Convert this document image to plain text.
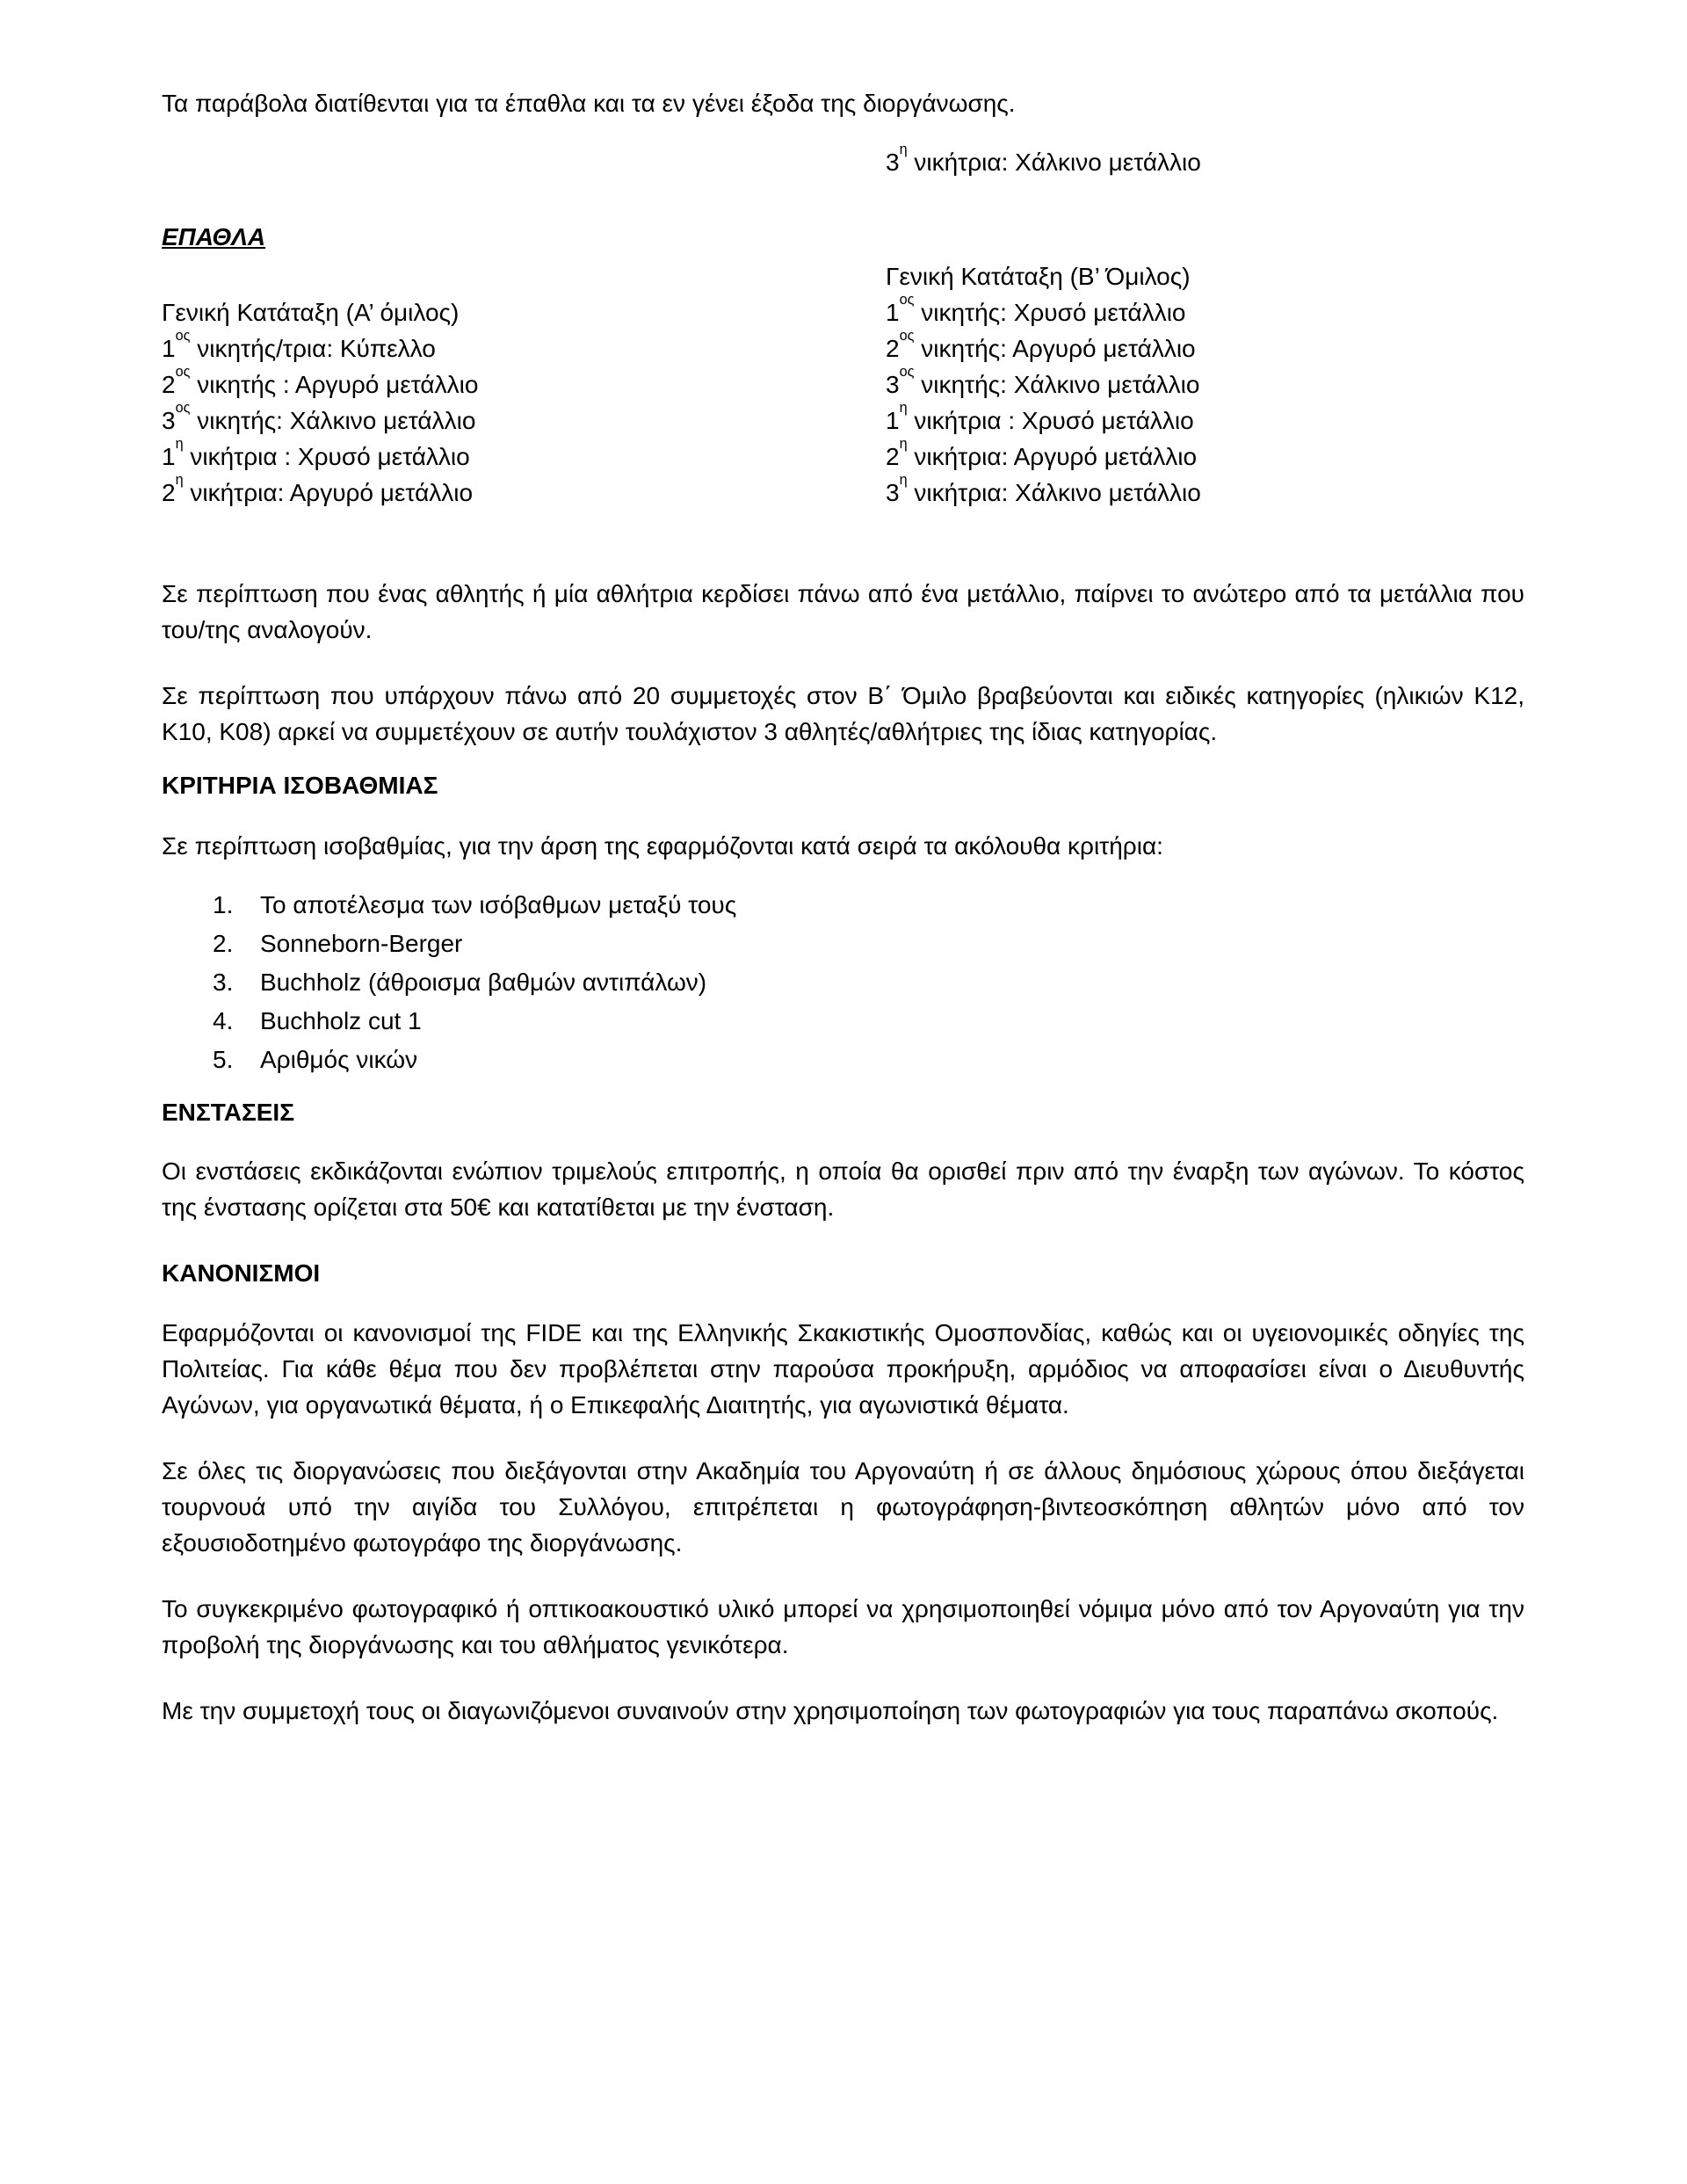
Τα παράβολα διατίθενται για τα έπαθλα και τα εν γένει έξοδα της διοργάνωσης.

$3^\eta$ νικήτρια: Χάλκινο μετάλλιο
ΕΠΑΘΛΑ
Γενική Κατάταξη (Α’ όμιλος)
$1^{o\varsigma}$ νικητής/τρια: Κύπελλο
$2^{o\varsigma}$ νικητής : Αργυρό μετάλλιο
$3^{o\varsigma}$ νικητής: Χάλκινο μετάλλιο
$1^\eta$ νικήτρια : Χρυσό μετάλλιο
$2^\eta$ νικήτρια: Αργυρό μετάλλιο
Γενική Κατάταξη (Β’ Όμιλος)
$1^{o\varsigma}$ νικητής: Χρυσό μετάλλιο
$2^{o\varsigma}$ νικητής: Αργυρό μετάλλιο
$3^{o\varsigma}$ νικητής: Χάλκινο μετάλλιο
$1^\eta$ νικήτρια : Χρυσό μετάλλιο
$2^\eta$ νικήτρια: Αργυρό μετάλλιο
$3^\eta$ νικήτρια: Χάλκινο μετάλλιο

Σε περίπτωση που ένας αθλητής ή μία αθλήτρια κερδίσει πάνω από ένα μετάλλιο, παίρνει το ανώτερο από τα μετάλλια που του/της αναλογούν.

Σε περίπτωση που υπάρχουν πάνω από 20 συμμετοχές στον Β΄ Όμιλο βραβεύονται και ειδικές κατηγορίες (ηλικιών Κ12, Κ10, Κ08) αρκεί να συμμετέχουν σε αυτήν τουλάχιστον 3 αθλητές/αθλήτριες της ίδιας κατηγορίας.

ΚΡΙΤΗΡΙΑ ΙΣΟΒΑΘΜΙΑΣ

Σε περίπτωση ισοβαθμίας, για την άρση της εφαρμόζονται κατά σειρά τα ακόλουθα κριτήρια:

1. Το αποτέλεσμα των ισόβαθμων μεταξύ τους
2. Sonneborn-Berger
3. Buchholz (άθροισμα βαθμών αντιπάλων)
4. Buchholz cut 1
5. Αριθμός νικών
ΕΝΣΤΑΣΕΙΣ

Οι ενστάσεις εκδικάζονται ενώπιον τριμελούς επιτροπής, η οποία θα ορισθεί πριν από την έναρξη των αγώνων. Το κόστος της ένστασης ορίζεται στα 50€ και κατατίθεται με την ένσταση.

ΚΑΝΟΝΙΣΜΟΙ

Εφαρμόζονται οι κανονισμοί της FIDE και της Ελληνικής Σκακιστικής Ομοσπονδίας, καθώς και οι υγειονομικές οδηγίες της Πολιτείας. Για κάθε θέμα που δεν προβλέπεται στην παρούσα προκήρυξη, αρμόδιος να αποφασίσει είναι ο Διευθυντής Αγώνων, για οργανωτικά θέματα, ή ο Επικεφαλής Διαιτητής, για αγωνιστικά θέματα.

Σε όλες τις διοργανώσεις που διεξάγονται στην Ακαδημία του Αργοναύτη ή σε άλλους δημόσιους χώρους όπου διεξάγεται τουρνουά υπό την αιγίδα του Συλλόγου, επιτρέπεται η φωτογράφηση-βιντεοσκόπηση αθλητών μόνο από τον εξουσιοδοτημένο φωτογράφο της διοργάνωσης.

Το συγκεκριμένο φωτογραφικό ή οπτικοακουστικό υλικό μπορεί να χρησιμοποιηθεί νόμιμα μόνο από τον Αργοναύτη για την προβολή της διοργάνωσης και του αθλήματος γενικότερα.

Με την συμμετοχή τους οι διαγωνιζόμενοι συναινούν στην χρησιμοποίηση των φωτογραφιών για τους παραπάνω σκοπούς.
